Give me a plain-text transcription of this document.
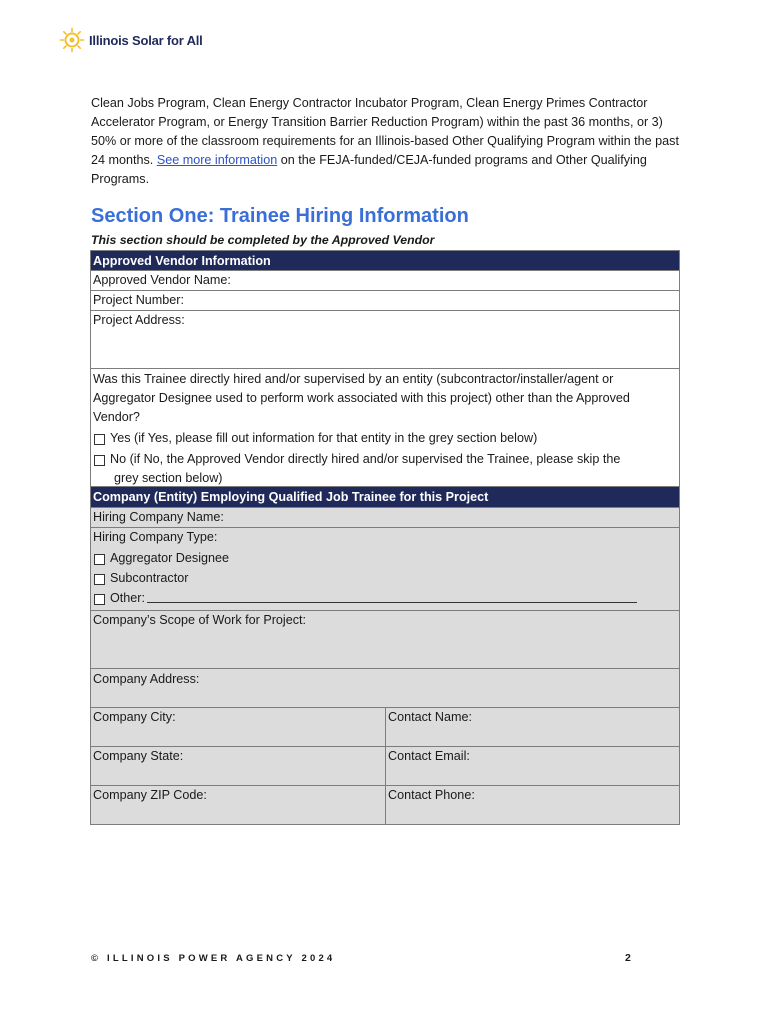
Illinois Solar for All
Clean Jobs Program, Clean Energy Contractor Incubator Program, Clean Energy Primes Contractor Accelerator Program, or Energy Transition Barrier Reduction Program) within the past 36 months, or 3) 50% or more of the classroom requirements for an Illinois-based Other Qualifying Program within the past 24 months. See more information on the FEJA-funded/CEJA-funded programs and Other Qualifying Programs.
Section One: Trainee Hiring Information
This section should be completed by the Approved Vendor
Approved Vendor Information
Approved Vendor Name:
Project Number:
Project Address:
Was this Trainee directly hired and/or supervised by an entity (subcontractor/installer/agent or Aggregator Designee used to perform work associated with this project) other than the Approved Vendor?
Yes (if Yes, please fill out information for that entity in the grey section below)
No (if No, the Approved Vendor directly hired and/or supervised the Trainee, please skip the
grey section below)
Company (Entity) Employing Qualified Job Trainee for this Project
Hiring Company Name:
Hiring Company Type:
Aggregator Designee
Subcontractor
Other:
Company’s Scope of Work for Project:
Company Address:
Company City:	Contact Name:
Company State:	Contact Email:
Company ZIP Code:	Contact Phone:
© ILLINOIS POWER AGENCY 2024	2
